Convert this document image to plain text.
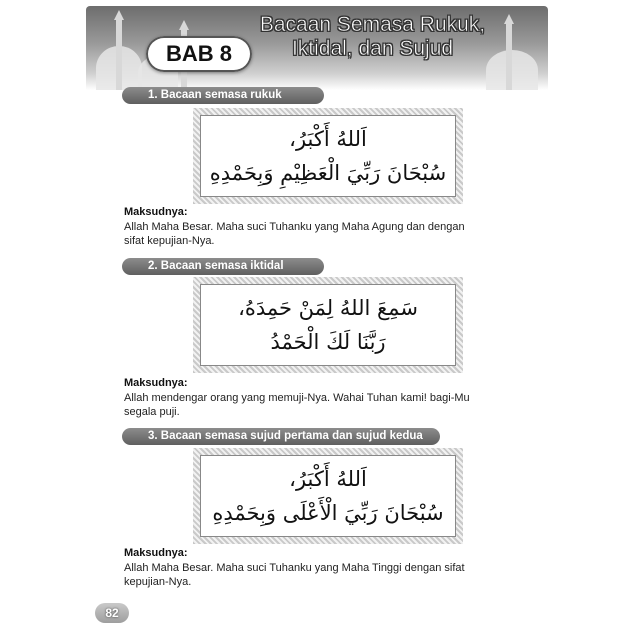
BAB 8
Bacaan Semasa Rukuk,
Iktidal, dan Sujud
1. Bacaan semasa rukuk
اَللهُ أَكْبَرُ،
سُبْحَانَ رَبِّيَ الْعَظِيْمِ وَبِحَمْدِهِ
Maksudnya:
Allah Maha Besar. Maha suci Tuhanku yang Maha Agung dan dengan
sifat kepujian-Nya.
2. Bacaan semasa iktidal
سَمِعَ اللهُ لِمَنْ حَمِدَهُ،
رَبَّنَا لَكَ الْحَمْدُ
Maksudnya:
Allah mendengar orang yang memuji-Nya. Wahai Tuhan kami! bagi-Mu
segala puji.
3. Bacaan semasa sujud pertama dan sujud kedua
اَللهُ أَكْبَرُ،
سُبْحَانَ رَبِّيَ الْأَعْلَى وَبِحَمْدِهِ
Maksudnya:
Allah Maha Besar. Maha suci Tuhanku yang Maha Tinggi dengan sifat
kepujian-Nya.
82
